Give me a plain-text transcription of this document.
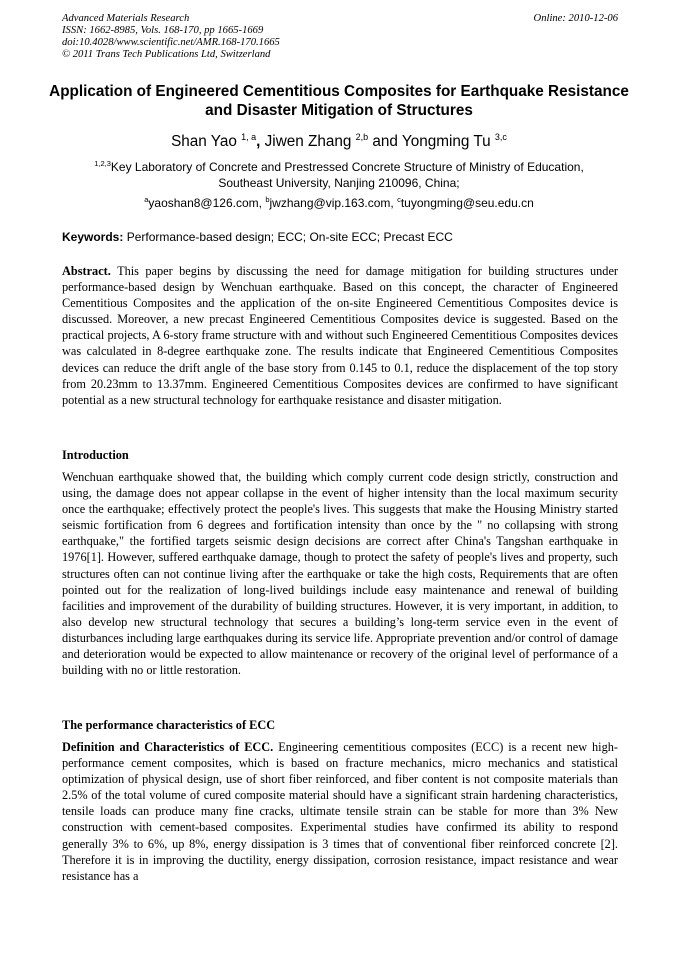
Advanced Materials Research
ISSN: 1662-8985, Vols. 168-170, pp 1665-1669
doi:10.4028/www.scientific.net/AMR.168-170.1665
© 2011 Trans Tech Publications Ltd, Switzerland
Online: 2010-12-06
Application of Engineered Cementitious Composites for Earthquake Resistance and Disaster Mitigation of Structures
Shan Yao $^{1, a}$, Jiwen Zhang $^{2,b}$ and Yongming Tu $^{3,c}$
$^{1,2,3}$Key Laboratory of Concrete and Prestressed Concrete Structure of Ministry of Education,
Southeast University, Nanjing 210096, China;
$^a$yaoshan8@126.com, $^b$jwzhang@vip.163.com, $^c$tuyongming@seu.edu.cn
Keywords: Performance-based design; ECC; On-site ECC; Precast ECC
Abstract. This paper begins by discussing the need for damage mitigation for building structures under performance-based design by Wenchuan earthquake. Based on this concept, the character of Engineered Cementitious Composites and the application of the on-site Engineered Cementitious Composites device is discussed. Moreover, a new precast Engineered Cementitious Composites device is suggested. Based on the practical projects, A 6-story frame structure with and without such Engineered Cementitious Composites devices was calculated in 8-degree earthquake zone. The results indicate that Engineered Cementitious Composites devices can reduce the drift angle of the base story from 0.145 to 0.1, reduce the displacement of the top story from 20.23mm to 13.37mm. Engineered Cementitious Composites devices are confirmed to have significant potential as a new structural technology for earthquake resistance and disaster mitigation.
Introduction
Wenchuan earthquake showed that, the building which comply current code design strictly, construction and using, the damage does not appear collapse in the event of higher intensity than the local maximum security once the earthquake; effectively protect the people's lives. This suggests that make the Housing Ministry started seismic fortification from 6 degrees and fortification intensity than once by the " no collapsing with strong earthquake," the fortified targets seismic design decisions are correct after China's Tangshan earthquake in 1976[1]. However, suffered earthquake damage, though to protect the safety of people's lives and property, such structures often can not continue living after the earthquake or take the high costs, Requirements that are often pointed out for the realization of long-lived buildings include easy maintenance and renewal of building facilities and improvement of the durability of building structures. However, it is very important, in addition, to also develop new structural technology that secures a building’s long-term service even in the event of disturbances including large earthquakes during its service life. Appropriate prevention and/or control of damage and deterioration would be expected to allow maintenance or recovery of the original level of performance of a building with no or little restoration.
The performance characteristics of ECC
Definition and Characteristics of ECC. Engineering cementitious composites (ECC) is a recent new high-performance cement composites, which is based on fracture mechanics, micro mechanics and statistical optimization of physical design, use of short fiber reinforced, and fiber content is not composite materials than 2.5% of the total volume of cured composite material should have a significant strain hardening characteristics, tensile loads can produce many fine cracks, ultimate tensile strain can be stable for more than 3% New construction with cement-based composites. Experimental studies have confirmed its ability to respond generally 3% to 6%, up 8%, energy dissipation is 3 times that of conventional fiber reinforced concrete [2]. Therefore it is in improving the ductility, energy dissipation, corrosion resistance, impact resistance and wear resistance has a
